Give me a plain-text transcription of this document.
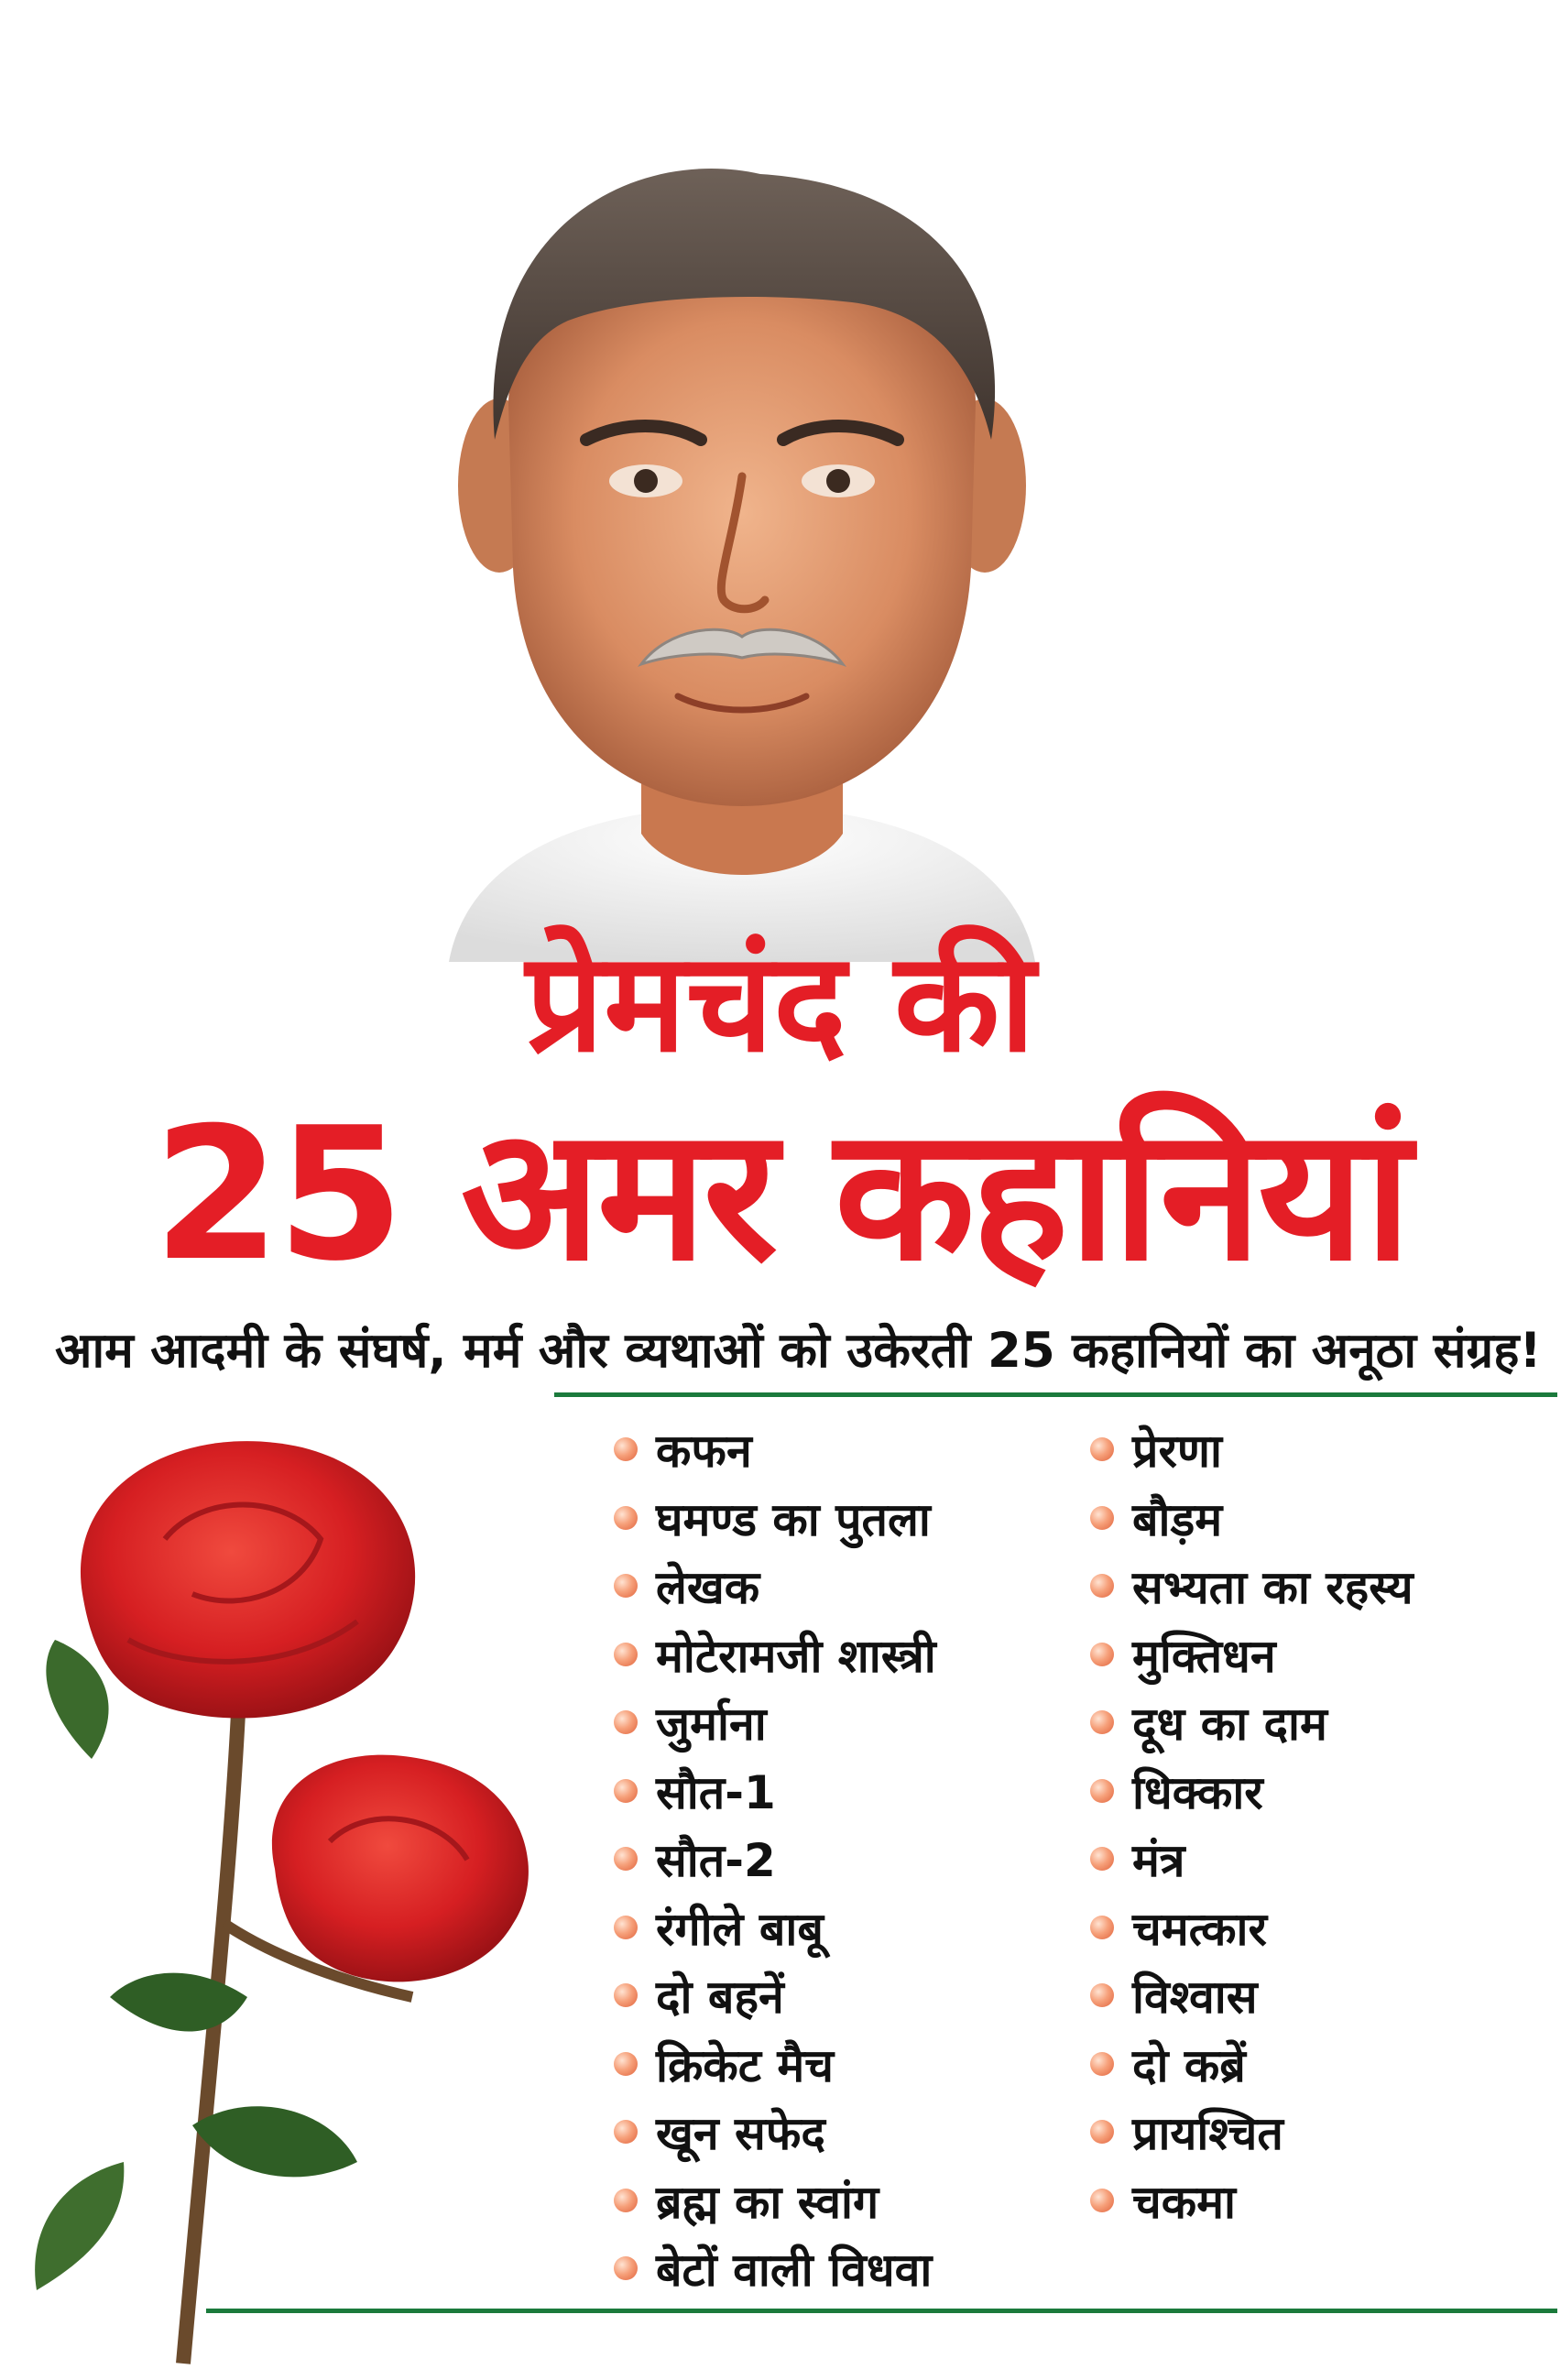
प्रेमचंद की
25 अमर कहानियां
आम आदमी के संघर्ष, मर्म और व्यथाओं को उकेरती 25 कहानियों का अनूठा संग्रह!
कफन
घमण्ड का पुतला
लेखक
मोटेरामजी शास्त्री
जुर्माना
सौत-1
सौत-2
रंगीले बाबू
दो बहनें
क्रिकेट मैच
खून सफेद
ब्रह्म का स्वांग
बेटों वाली विधवा
प्रेरणा
बौड़म
सभ्यता का रहस्य
मुक्तिधन
दूध का दाम
धिक्कार
मंत्र
चमत्कार
विश्वास
दो कब्रें
प्रायश्चित
चकमा
